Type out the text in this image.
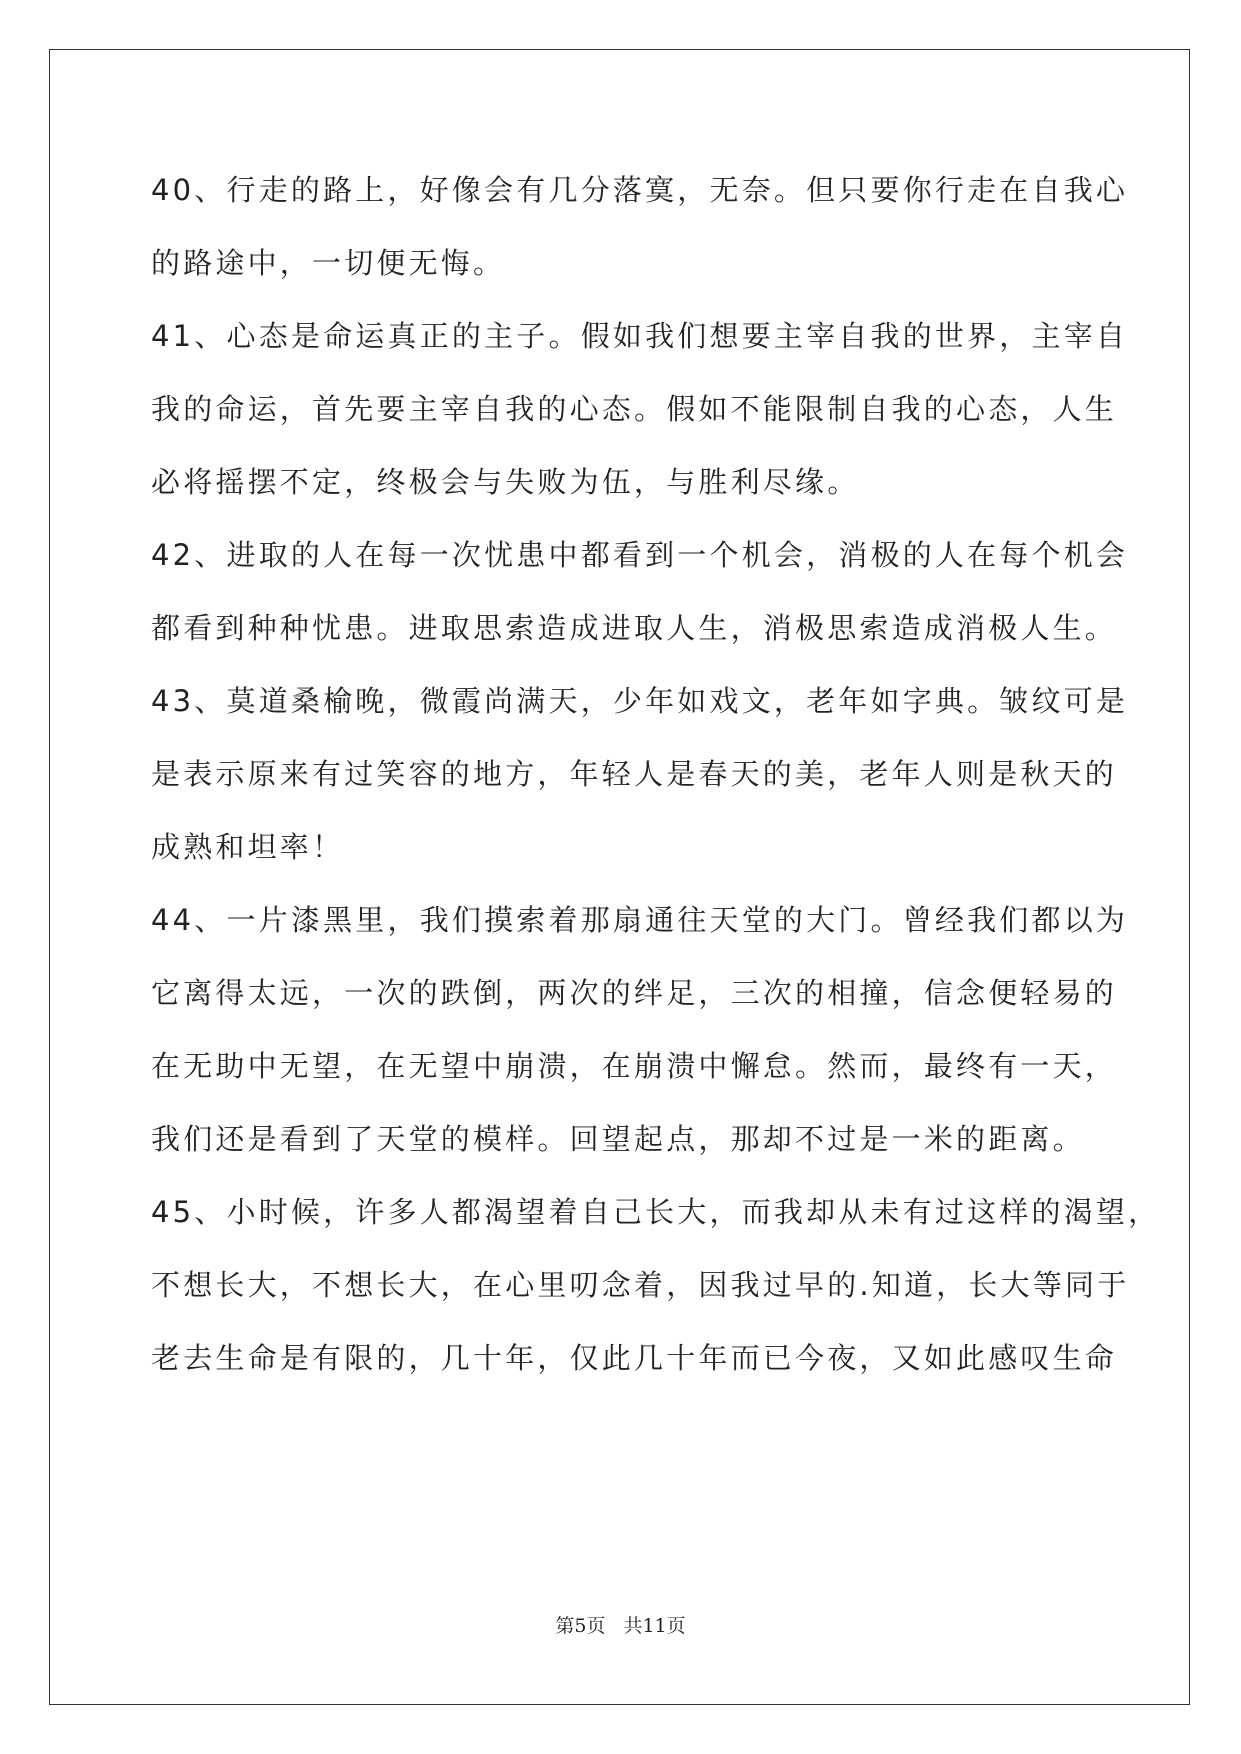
40、行走的路上，好像会有几分落寞，无奈。但只要你行走在自我心
的路途中，一切便无悔。
41、心态是命运真正的主子。假如我们想要主宰自我的世界，主宰自
我的命运，首先要主宰自我的心态。假如不能限制自我的心态，人生
必将摇摆不定，终极会与失败为伍，与胜利尽缘。
42、进取的人在每一次忧患中都看到一个机会，消极的人在每个机会
都看到种种忧患。进取思索造成进取人生，消极思索造成消极人生。
43、莫道桑榆晚，微霞尚满天，少年如戏文，老年如字典。皱纹可是
是表示原来有过笑容的地方，年轻人是春天的美，老年人则是秋天的
成熟和坦率！
44、一片漆黑里，我们摸索着那扇通往天堂的大门。曾经我们都以为
它离得太远，一次的跌倒，两次的绊足，三次的相撞，信念便轻易的
在无助中无望，在无望中崩溃，在崩溃中懈怠。然而，最终有一天，
我们还是看到了天堂的模样。回望起点，那却不过是一米的距离。
45、小时候，许多人都渴望着自己长大，而我却从未有过这样的渴望，
不想长大，不想长大，在心里叨念着，因我过早的.知道，长大等同于
老去生命是有限的，几十年，仅此几十年而已今夜，又如此感叹生命
第5页 共11页
